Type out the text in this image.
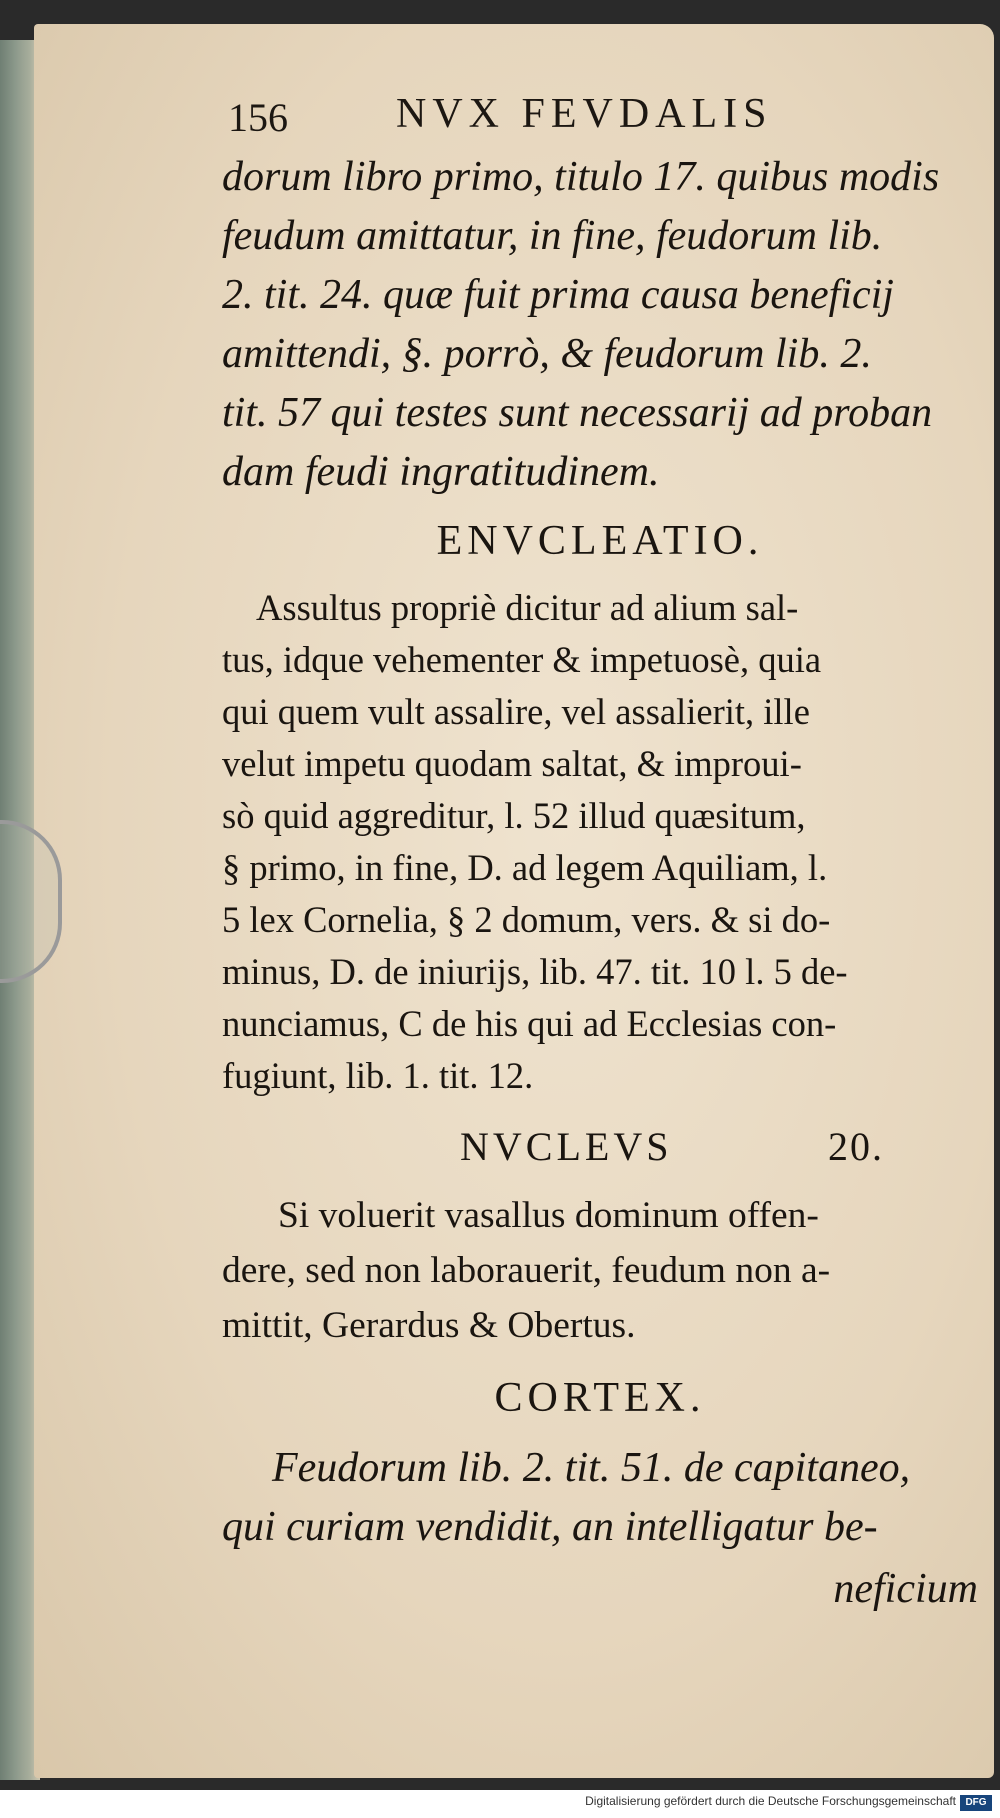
156	NVX FEVDALIS

dorum libro primo, titulo 17. quibus modis

feudum amittatur, in fine, feudorum lib.

2. tit. 24. quæ fuit prima causa beneficij

amittendi, §. porrò, & feudorum lib. 2.

tit. 57 qui testes sunt necessarij ad proban

dam feudi ingratitudinem.

ENVCLEATIO.

Assultus propriè dicitur ad alium sal-

tus, idque vehementer & impetuosè, quia

qui quem vult assalire, vel assalierit, ille

velut impetu quodam saltat, & improui-

sò quid aggreditur, l. 52 illud quæsitum,

§ primo, in fine, D. ad legem Aquiliam, l.

5 lex Cornelia, § 2 domum, vers. & si do-

minus, D. de iniurijs, lib. 47. tit. 10 l. 5 de-

nunciamus, C de his qui ad Ecclesias con-

fugiunt, lib. 1. tit. 12.

NVCLEVS	20.

Si voluerit vasallus dominum offen-

dere, sed non laborauerit, feudum non a-

mittit, Gerardus & Obertus.

CORTEX.

Feudorum lib. 2. tit. 51. de capitaneo,

qui curiam vendidit, an intelligatur be-

neficium
Digitalisierung gefördert durch die Deutsche Forschungsgemeinschaft DFG
